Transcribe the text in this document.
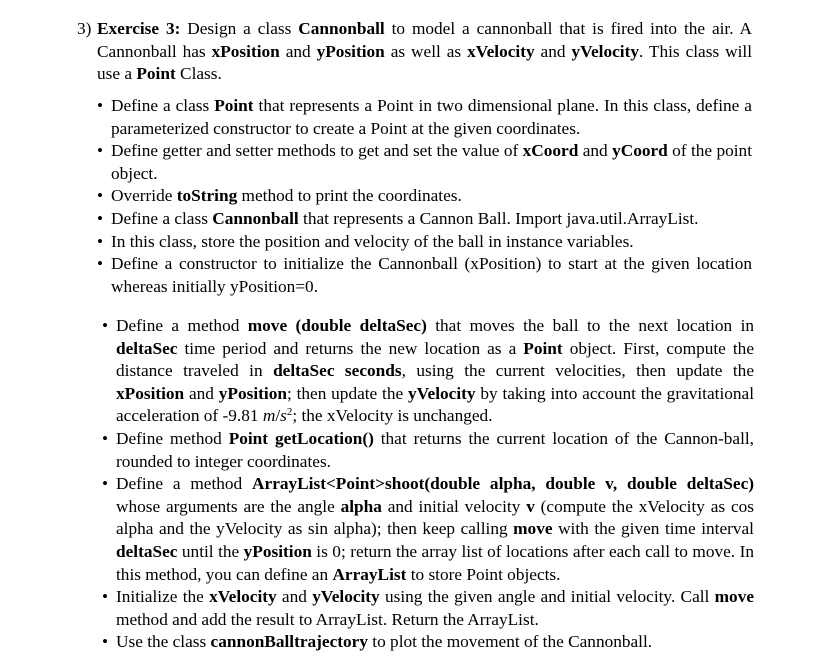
3) Exercise 3: Design a class Cannonball to model a cannonball that is fired into the air. A Cannonball has xPosition and yPosition as well as xVelocity and yVelocity. This class will use a Point Class.
• Define a class Point that represents a Point in two dimensional plane. In this class, define a parameterized constructor to create a Point at the given coordinates.
• Define getter and setter methods to get and set the value of xCoord and yCoord of the point object.
• Override toString method to print the coordinates.
• Define a class Cannonball that represents a Cannon Ball. Import java.util.ArrayList.
• In this class, store the position and velocity of the ball in instance variables.
• Define a constructor to initialize the Cannonball (xPosition) to start at the given location whereas initially yPosition=0.
• Define a method move (double deltaSec) that moves the ball to the next location in deltaSec time period and returns the new location as a Point object. First, compute the distance traveled in deltaSec seconds, using the current velocities, then update the xPosition and yPosition; then update the yVelocity by taking into account the gravitational acceleration of -9.81 $m/s^2$; the xVelocity is unchanged.
• Define method Point getLocation() that returns the current location of the Cannon-ball, rounded to integer coordinates.
• Define a method ArrayList<Point>shoot(double alpha, double v, double deltaSec) whose arguments are the angle alpha and initial velocity v (compute the xVelocity as cos alpha and the yVelocity as sin alpha); then keep calling move with the given time interval deltaSec until the yPosition is 0; return the array list of locations after each call to move. In this method, you can define an ArrayList to store Point objects.
• Initialize the xVelocity and yVelocity using the given angle and initial velocity. Call move method and add the result to ArrayList. Return the ArrayList.
• Use the class cannonBalltrajectory to plot the movement of the Cannonball.
